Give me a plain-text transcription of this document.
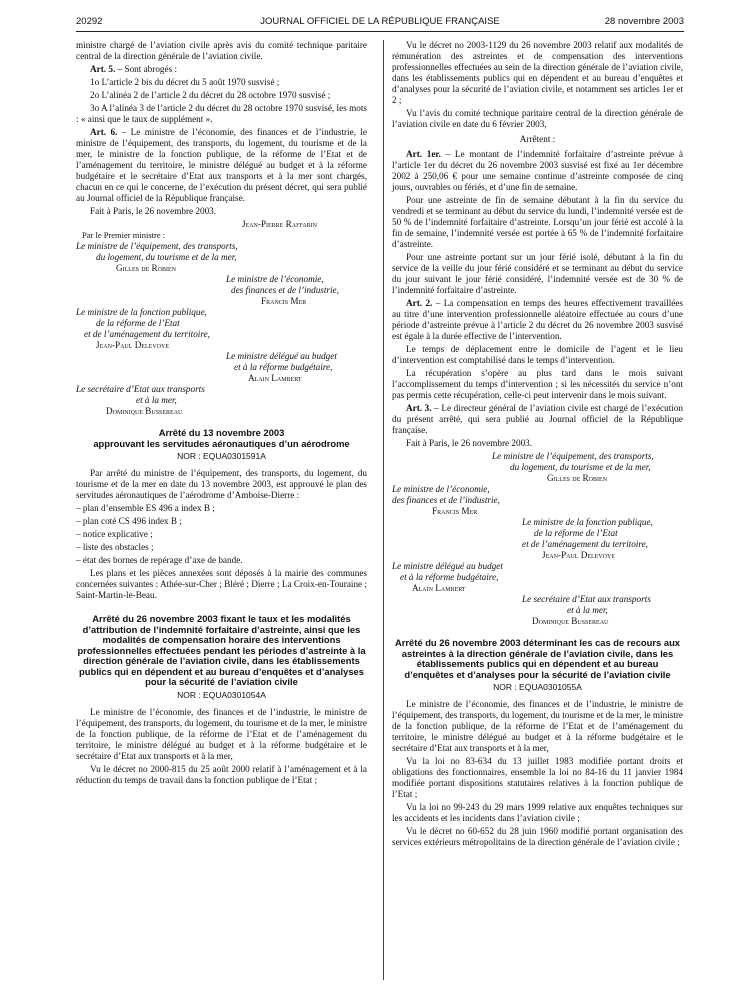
20292	JOURNAL OFFICIEL DE LA RÉPUBLIQUE FRANÇAISE	28 novembre 2003

ministre chargé de l’aviation civile après avis du comité technique paritaire central de la direction générale de l’aviation civile.

Art. 5. – Sont abrogés :

1o L’article 2 bis du décret du 5 août 1970 susvisé ;

2o L’alinéa 2 de l’article 2 du décret du 28 octobre 1970 susvisé ;

3o A l’alinéa 3 de l’article 2 du décret du 28 octobre 1970 susvisé, les mots : « ainsi que le taux de supplément ».

Art. 6. – Le ministre de l’économie, des finances et de l’industrie, le ministre de l’équipement, des transports, du logement, du tourisme et de la mer, le ministre de la fonction publique, de la réforme de l’Etat et de l’aménagement du territoire, le ministre délégué au budget et à la réforme budgétaire et le secrétaire d’Etat aux transports et à la mer sont chargés, chacun en ce qui le concerne, de l’exécution du présent décret, qui sera publié au Journal officiel de la République française.

Fait à Paris, le 26 novembre 2003.

Jean-Pierre Raffarin

Par le Premier ministre :

Le ministre de l’équipement, des transports,

du logement, du tourisme et de la mer,

Gilles de Robien

Le ministre de l’économie,

des finances et de l’industrie,

Francis Mer

Le ministre de la fonction publique,

de la réforme de l’Etat

et de l’aménagement du territoire,

Jean-Paul Delevoye

Le ministre délégué au budget

et à la réforme budgétaire,

Alain Lambert

Le secrétaire d’Etat aux transports

et à la mer,

Dominique Bussereau

Arrêté du 13 novembre 2003
approuvant les servitudes aéronautiques d’un aérodrome

NOR : EQUA0301591A

Par arrêté du ministre de l’équipement, des transports, du logement, du tourisme et de la mer en date du 13 novembre 2003, est approuvé le plan des servitudes aéronautiques de l’aérodrome d’Amboise-Dierre :

– plan d’ensemble ES 496 a index B ;

– plan coté CS 496 index B ;

– notice explicative ;

– liste des obstacles ;

– état des bornes de repérage d’axe de bande.

Les plans et les pièces annexées sont déposés à la mairie des communes concernées suivantes : Athée-sur-Cher ; Bléré ; Dierre ; La Croix-en-Touraine ; Saint-Martin-le-Beau.

Arrêté du 26 novembre 2003 fixant le taux et les modalités d’attribution de l’indemnité forfaitaire d’astreinte, ainsi que les modalités de compensation horaire des interventions professionnelles effectuées pendant les périodes d’astreinte à la direction générale de l’aviation civile, dans les établissements publics qui en dépendent et au bureau d’enquêtes et d’analyses pour la sécurité de l’aviation civile

NOR : EQUA0301054A

Le ministre de l’économie, des finances et de l’industrie, le ministre de l’équipement, des transports, du logement, du tourisme et de la mer, le ministre de la fonction publique, de la réforme de l’Etat et de l’aménagement du territoire, le ministre délégué au budget et à la réforme budgétaire et le secrétaire d’Etat aux transports et à la mer,

Vu le décret no 2000-815 du 25 août 2000 relatif à l’aménagement et à la réduction du temps de travail dans la fonction publique de l’Etat ;

Vu le décret no 2003-1129 du 26 novembre 2003 relatif aux modalités de rémunération des astreintes et de compensation des interventions professionnelles effectuées au sein de la direction générale de l’aviation civile, dans les établissements publics qui en dépendent et au bureau d’enquêtes et d’analyses pour la sécurité de l’aviation civile, et notamment ses articles 1er et 2 ;

Vu l’avis du comité technique paritaire central de la direction générale de l’aviation civile en date du 6 février 2003,

Arrêtent :

Art. 1er. – Le montant de l’indemnité forfaitaire d’astreinte prévue à l’article 1er du décret du 26 novembre 2003 susvisé est fixé au 1er décembre 2002 à 250,06 € pour une semaine continue d’astreinte composée de cinq jours, ouvrables ou fériés, et d’une fin de semaine.

Pour une astreinte de fin de semaine débutant à la fin du service du vendredi et se terminant au début du service du lundi, l’indemnité versée est de 50 % de l’indemnité forfaitaire d’astreinte. Lorsqu’un jour férié est accolé à la fin de semaine, l’indemnité versée est portée à 65 % de l’indemnité forfaitaire d’astreinte.

Pour une astreinte portant sur un jour férié isolé, débutant à la fin du service de la veille du jour férié considéré et se terminant au début du service du jour suivant le jour férié considéré, l’indemnité versée est de 30 % de l’indemnité forfaitaire d’astreinte.

Art. 2. – La compensation en temps des heures effectivement travaillées au titre d’une intervention professionnelle aléatoire effectuée au cours d’une période d’astreinte prévue à l’article 2 du décret du 26 novembre 2003 susvisé est égale à la durée effective de l’intervention.

Le temps de déplacement entre le domicile de l’agent et le lieu d’intervention est comptabilisé dans le temps d’intervention.

La récupération s’opère au plus tard dans le mois suivant l’accomplissement du temps d’intervention ; si les nécessités du service n’ont pas permis cette récupération, celle-ci peut intervenir dans le mois suivant.

Art. 3. – Le directeur général de l’aviation civile est chargé de l’exécution du présent arrêté, qui sera publié au Journal officiel de la République française.

Fait à Paris, le 26 novembre 2003.

Le ministre de l’équipement, des transports,

du logement, du tourisme et de la mer,

Gilles de Robien

Le ministre de l’économie,

des finances et de l’industrie,

Francis Mer

Le ministre de la fonction publique,

de la réforme de l’Etat

et de l’aménagement du territoire,

Jean-Paul Delevoye

Le ministre délégué au budget

et à la réforme budgétaire,

Alain Lambert

Le secrétaire d’Etat aux transports

et à la mer,

Dominique Bussereau

Arrêté du 26 novembre 2003 déterminant les cas de recours aux astreintes à la direction générale de l’aviation civile, dans les établissements publics qui en dépendent et au bureau d’enquêtes et d’analyses pour la sécurité de l’aviation civile

NOR : EQUA0301055A

Le ministre de l’économie, des finances et de l’industrie, le ministre de l’équipement, des transports, du logement, du tourisme et de la mer, le ministre de la fonction publique, de la réforme de l’Etat et de l’aménagement du territoire, le ministre délégué au budget et à la réforme budgétaire et le secrétaire d’Etat aux transports et à la mer,

Vu la loi no 83-634 du 13 juillet 1983 modifiée portant droits et obligations des fonctionnaires, ensemble la loi no 84-16 du 11 janvier 1984 modifiée portant dispositions statutaires relatives à la fonction publique de l’Etat ;

Vu la loi no 99-243 du 29 mars 1999 relative aux enquêtes techniques sur les accidents et les incidents dans l’aviation civile ;

Vu le décret no 60-652 du 28 juin 1960 modifié portant organisation des services extérieurs métropolitains de la direction générale de l’aviation civile ;
